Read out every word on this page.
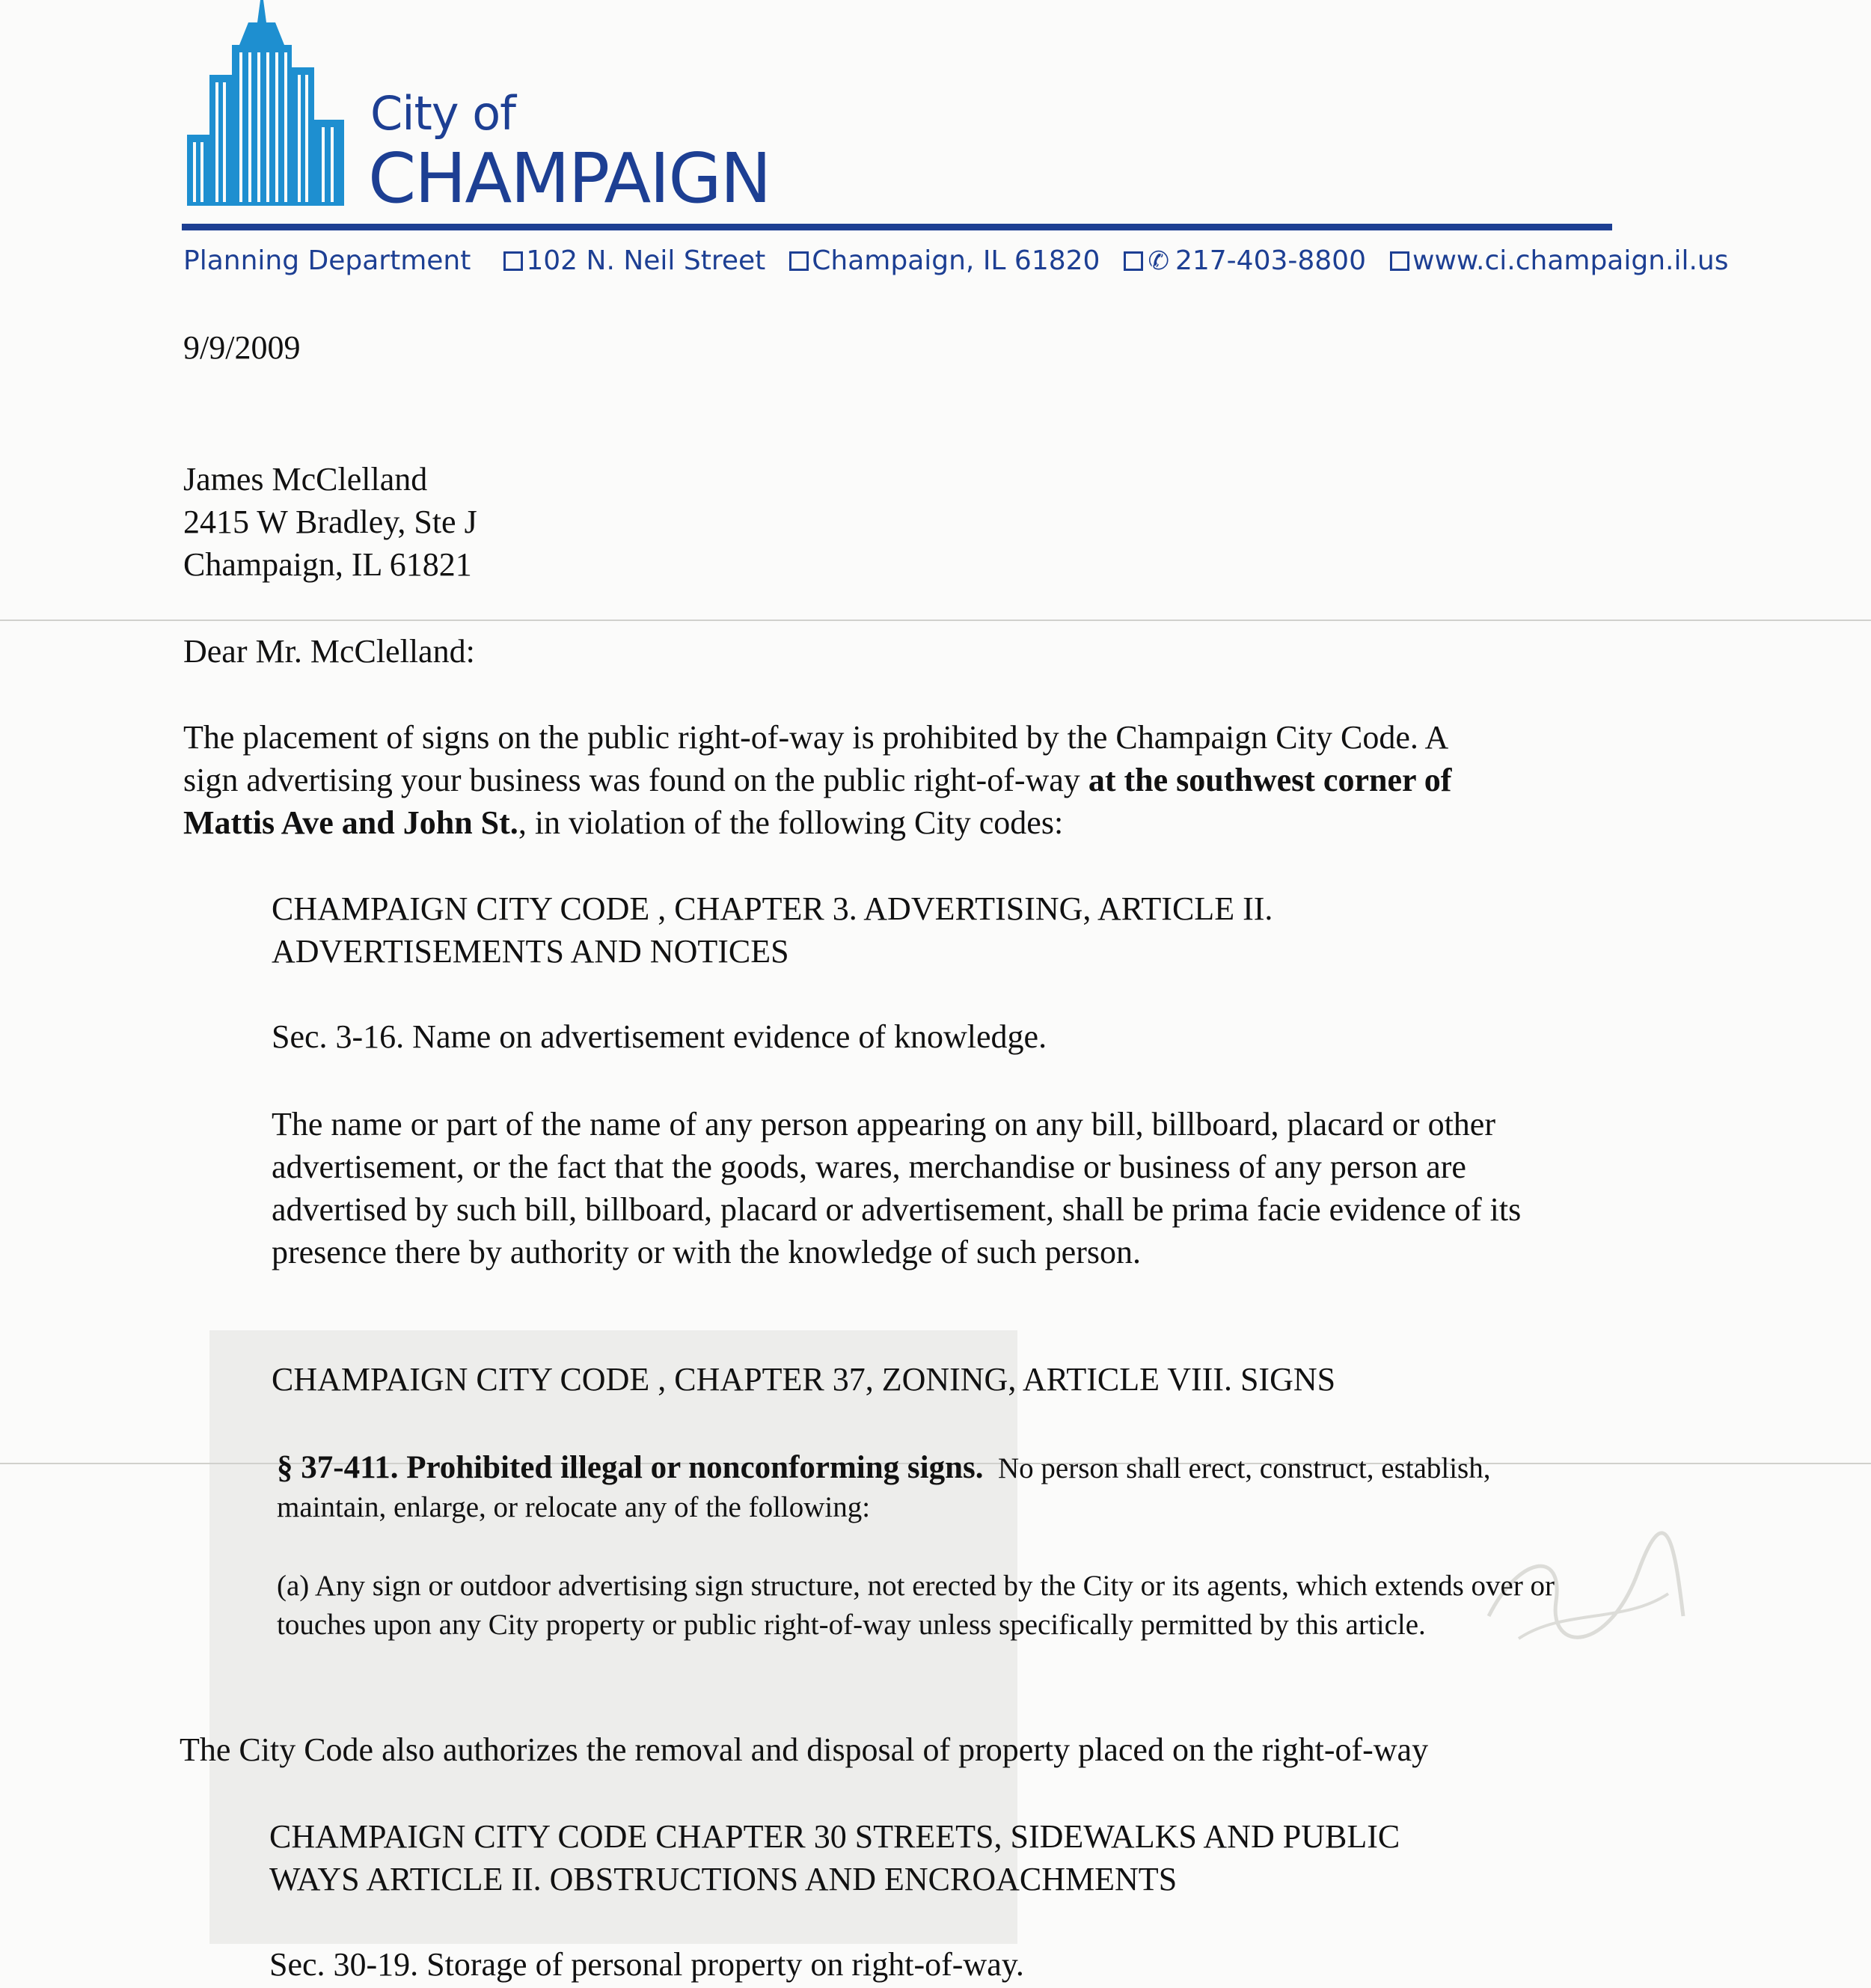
City of
CHAMPAIGN
Planning Department 102 N. Neil Street Champaign, IL 61820 ✆ 217-403-8800 www.ci.champaign.il.us
9/9/2009
James McClelland
2415 W Bradley, Ste J
Champaign, IL 61821
Dear Mr. McClelland:
The placement of signs on the public right-of-way is prohibited by the Champaign City Code. A
sign advertising your business was found on the public right-of-way at the southwest corner of
Mattis Ave and John St., in violation of the following City codes:
CHAMPAIGN CITY CODE , CHAPTER 3. ADVERTISING, ARTICLE II. ADVERTISEMENTS AND NOTICES
Sec. 3-16. Name on advertisement evidence of knowledge.
The name or part of the name of any person appearing on any bill, billboard, placard or other advertisement, or the fact that the goods, wares, merchandise or business of any person are advertised by such bill, billboard, placard or advertisement, shall be prima facie evidence of its presence there by authority or with the knowledge of such person.
CHAMPAIGN CITY CODE , CHAPTER 37, ZONING, ARTICLE VIII. SIGNS
§ 37-411. Prohibited illegal or nonconforming signs. No person shall erect, construct, establish, maintain, enlarge, or relocate any of the following:
(a) Any sign or outdoor advertising sign structure, not erected by the City or its agents, which extends over or touches upon any City property or public right-of-way unless specifically permitted by this article.
The City Code also authorizes the removal and disposal of property placed on the right-of-way
CHAMPAIGN CITY CODE CHAPTER 30 STREETS, SIDEWALKS AND PUBLIC WAYS ARTICLE II. OBSTRUCTIONS AND ENCROACHMENTS
Sec. 30-19. Storage of personal property on right-of-way.
